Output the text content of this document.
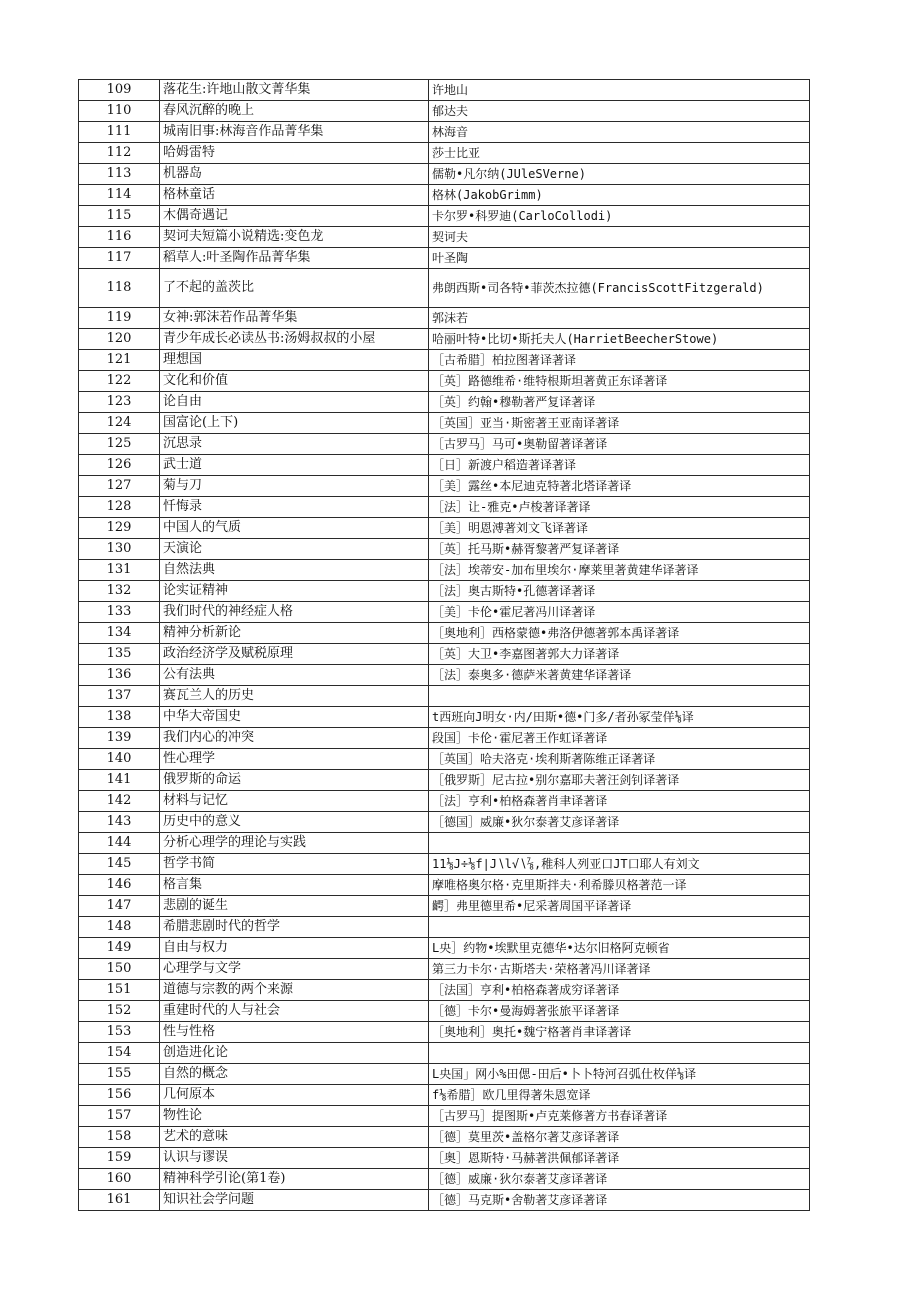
109	落花生:许地山散文菁华集	许地山
110	春风沉醉的晚上	郁达夫
111	城南旧事:林海音作品菁华集	林海音
112	哈姆雷特	莎士比亚
113	机器岛	儒勒•凡尔纳(JUleSVerne)
114	格林童话	格林(JakobGrimm)
115	木偶奇遇记	卡尔罗•科罗迪(CarloCollodi)
116	契诃夫短篇小说精选:变色龙	契诃夫
117	稻草人:叶圣陶作品菁华集	叶圣陶
118	了不起的盖茨比	弗朗西斯•司各特•菲茨杰拉德(FrancisScottFitzgerald)
119	女神:郭沫若作品菁华集	郭沫若
120	青少年成长必读丛书:汤姆叔叔的小屋	哈丽叶特•比切•斯托夫人(HarrietBeecherStowe)
121	理想国	［古希腊］柏拉图著译著译
122	文化和价值	［英］路德维希·维特根斯坦著黄正东译著译
123	论自由	［英］约翰•穆勒著严复译著译
124	国富论(上下)	［英国］亚当·斯密著王亚南译著译
125	沉思录	［古罗马］马可•奥勒留著译著译
126	武士道	［日］新渡户稻造著译著译
127	菊与刀	［美］露丝•本尼迪克特著北塔译著译
128	忏悔录	［法］让-雅克•卢梭著译著译
129	中国人的气质	［美］明恩溥著刘文飞译著译
130	天演论	［英］托马斯•赫胥黎著严复译著译
131	自然法典	［法］埃蒂安-加布里埃尔·摩莱里著黄建华译著译
132	论实证精神	［法］奥古斯特•孔德著译著译
133	我们时代的神经症人格	［美］卡伦•霍尼著冯川译著译
134	精神分析新论	［奥地利］西格蒙德•弗洛伊德著郭本禹译著译
135	政治经济学及赋税原理	［英］大卫•李嘉图著郭大力译著译
136	公有法典	［法］泰奥多·德萨米著黄建华译著译
137	赛瓦兰人的历史	
138	中华大帝国史	t西班向J明女·内/田斯•德•门多/者孙冢莹佯⅛译
139	我们内心的冲突	段国］卡伦·霍尼著王作虹译著译
140	性心理学	［英国］哈夫洛克·埃利斯著陈维正译著译
141	俄罗斯的命运	［俄罗斯］尼古拉•别尔嘉耶夫著汪剑钊译著译
142	材料与记忆	［法］亨利•柏格森著肖聿译著译
143	历史中的意义	［德国］威廉•狄尔泰著艾彦译著译
144	分析心理学的理论与实践	
145	哲学书简	11⅛J÷⅛f∣J∖l√∖⅞,稚科人列亚口JT口耶人有刘文
146	格言集	摩唯格奥尔格·克里斯拌夫·利希滕贝格著范一译
147	悲剧的诞生	齶］弗里德里希•尼采著周国平译著译
148	希腊悲剧时代的哲学	
149	自由与权力	L央］约物•埃默里克德华•达尔旧格阿克顿省
150	心理学与文学	第三力卡尔·古斯塔夫·荣格著冯川译著译
151	道德与宗教的两个来源	［法国］亨利•柏格森著成穷译著译
152	重建时代的人与社会	［德］卡尔•曼海姆著张旅平译著译
153	性与性格	［奥地利］奥托•魏宁格著肖聿译著译
154	创造进化论	
155	自然的概念	L央国」网小%田偲-田后•卜卜特河召弧仕枚佯⅛译
156	几何原本	f⅛希腊］欧几里得著朱恩宽译
157	物性论	［古罗马］提图斯•卢克莱修著方书春译著译
158	艺术的意味	［德］莫里茨•盖格尔著艾彦译著译
159	认识与谬误	［奥］恩斯特·马赫著洪佩郁译著译
160	精神科学引论(第1卷)	［德］威廉·狄尔泰著艾彦译著译
161	知识社会学问题	［德］马克斯•舍勒著艾彦译著译
